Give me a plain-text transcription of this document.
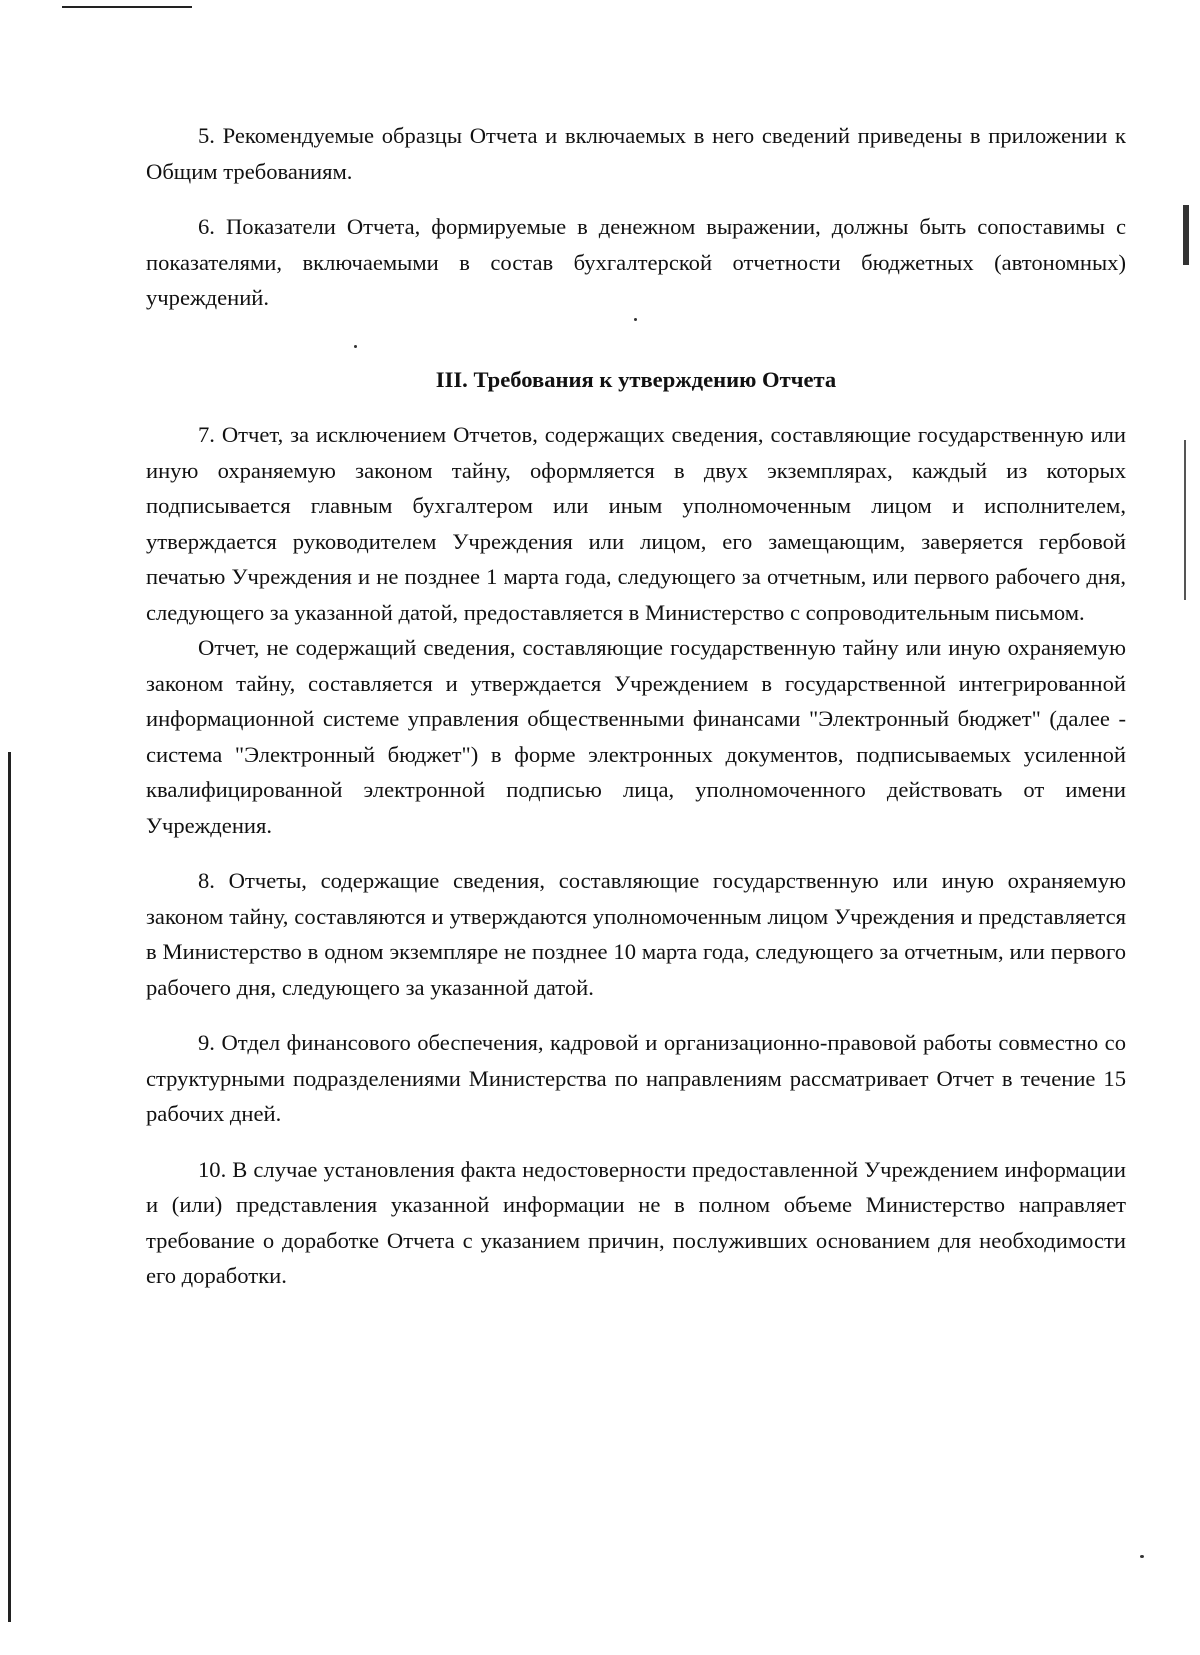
5. Рекомендуемые образцы Отчета и включаемых в него сведений приведены в приложении к Общим требованиям.

6. Показатели Отчета, формируемые в денежном выражении, должны быть сопоставимы с показателями, включаемыми в состав бухгалтерской отчетности бюджетных (автономных) учреждений.

III. Требования к утверждению Отчета

7. Отчет, за исключением Отчетов, содержащих сведения, составляющие государственную или иную охраняемую законом тайну, оформляется в двух экземплярах, каждый из которых подписывается главным бухгалтером или иным уполномоченным лицом и исполнителем, утверждается руководителем Учреждения или лицом, его замещающим, заверяется гербовой печатью Учреждения и не позднее 1 марта года, следующего за отчетным, или первого рабочего дня, следующего за указанной датой, предоставляется в Министерство с сопроводительным письмом.

Отчет, не содержащий сведения, составляющие государственную тайну или иную охраняемую законом тайну, составляется и утверждается Учреждением в государственной интегрированной информационной системе управления общественными финансами "Электронный бюджет" (далее - система "Электронный бюджет") в форме электронных документов, подписываемых усиленной квалифицированной электронной подписью лица, уполномоченного действовать от имени Учреждения.

8. Отчеты, содержащие сведения, составляющие государственную или иную охраняемую законом тайну, составляются и утверждаются уполномоченным лицом Учреждения и представляется в Министерство в одном экземпляре не позднее 10 марта года, следующего за отчетным, или первого рабочего дня, следующего за указанной датой.

9. Отдел финансового обеспечения, кадровой и организационно-правовой работы совместно со структурными подразделениями Министерства по направлениям рассматривает Отчет в течение 15 рабочих дней.

10. В случае установления факта недостоверности предоставленной Учреждением информации и (или) представления указанной информации не в полном объеме Министерство направляет требование о доработке Отчета с указанием причин, послуживших основанием для необходимости его доработки.
